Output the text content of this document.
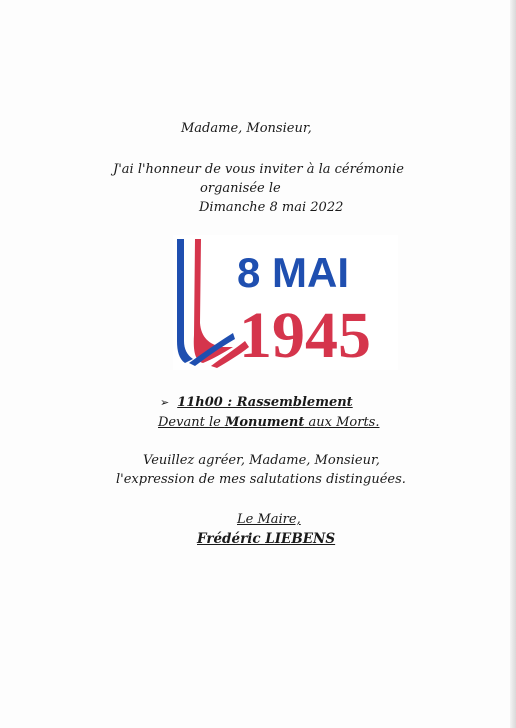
Madame, Monsieur,
J'ai l'honneur de vous inviter à la cérémonie
organisée le
Dimanche 8 mai 2022
8 MAI
1945
➢ 11h00 : Rassemblement
Devant le Monument aux Morts.
Veuillez agréer, Madame, Monsieur,
l'expression de mes salutations distinguées.
Le Maire,
Frédéric LIEBENS
